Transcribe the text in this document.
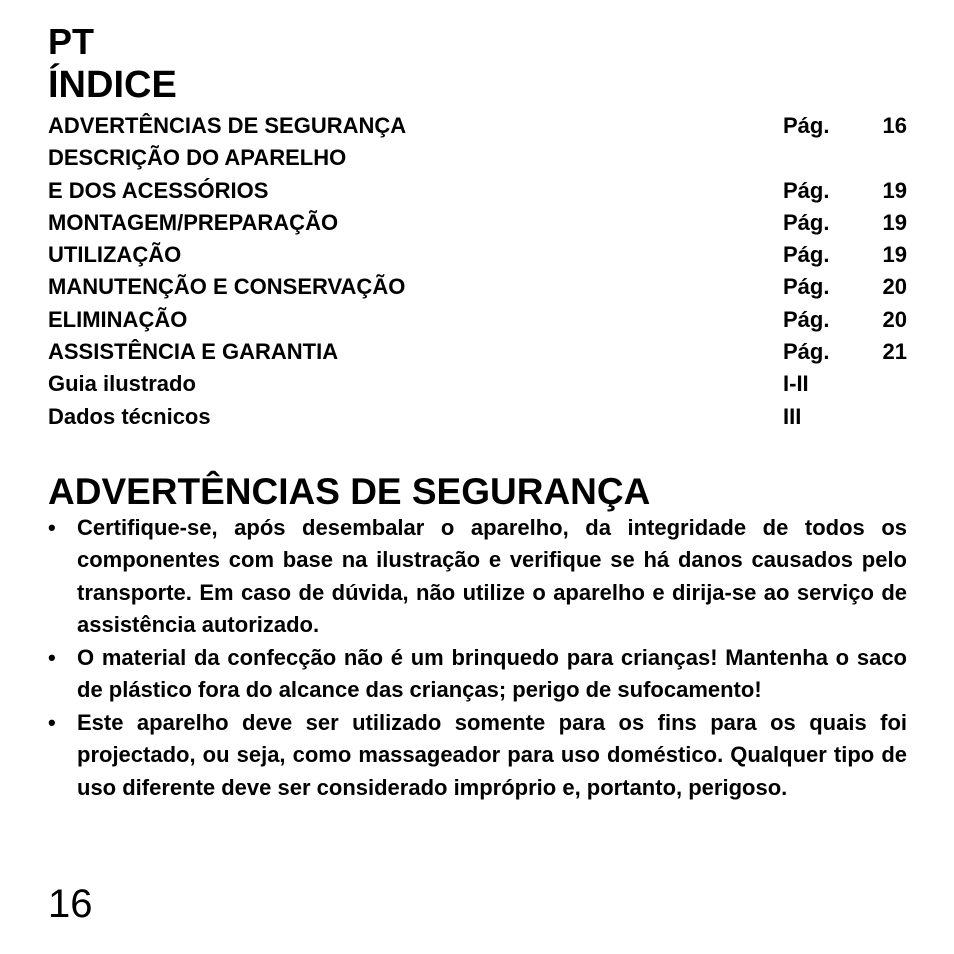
PT
ÍNDICE
ADVERTÊNCIAS DE SEGURANÇA	Pág. 16
DESCRIÇÃO DO APARELHO
E DOS ACESSÓRIOS	Pág. 19
MONTAGEM/PREPARAÇÃO	Pág. 19
UTILIZAÇÃO	Pág. 19
MANUTENÇÃO E CONSERVAÇÃO	Pág. 20
ELIMINAÇÃO	Pág. 20
ASSISTÊNCIA E GARANTIA	Pág. 21
Guia ilustrado	I-II
Dados técnicos	III
ADVERTÊNCIAS DE SEGURANÇA
• Certifique-se, após desembalar o aparelho, da integridade de todos os componentes com base na ilustração e verifique se há danos causados pelo transporte. Em caso de dúvida, não utilize o aparelho e dirija-se ao serviço de assistência autorizado.
• O material da confecção não é um brinquedo para crianças! Mantenha o saco de plástico fora do alcance das crianças; perigo de sufocamento!
• Este aparelho deve ser utilizado somente para os fins para os quais foi projectado, ou seja, como massageador para uso doméstico. Qualquer tipo de uso diferente deve ser considerado impróprio e, portanto, perigoso.

16
